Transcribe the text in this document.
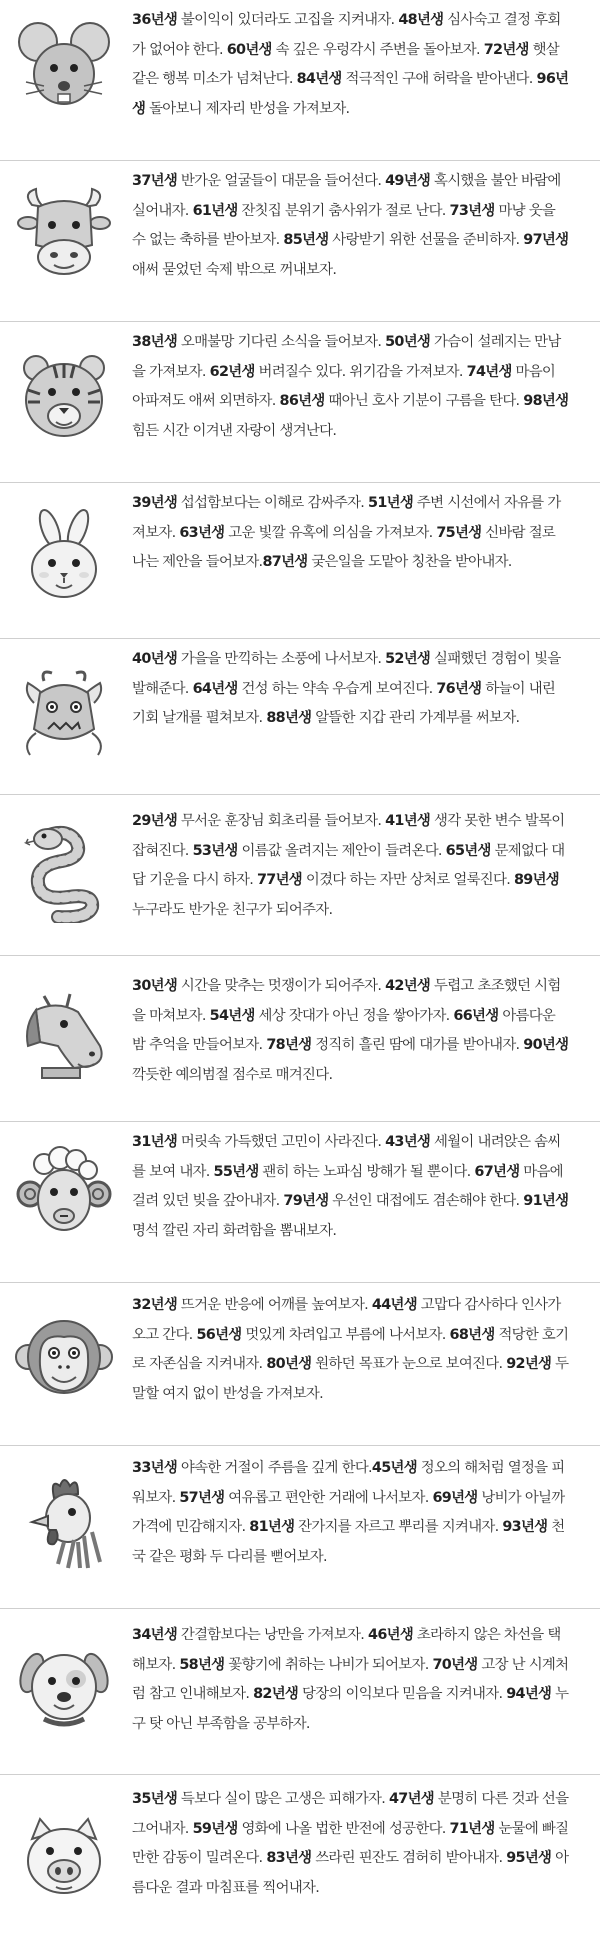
36년생 불이익이 있더라도 고집을 지켜내자. 48년생 심사숙고 결정 후회가 없어야 한다. 60년생 속 깊은 우렁각시 주변을 돌아보자. 72년생 햇살 같은 행복 미소가 넘쳐난다. 84년생 적극적인 구애 허락을 받아낸다. 96년생 돌아보니 제자리 반성을 가져보자.
37년생 반가운 얼굴들이 대문을 들어선다. 49년생 혹시했을 불안 바람에 실어내자. 61년생 잔칫집 분위기 춤사위가 절로 난다. 73년생 마냥 웃을 수 없는 축하를 받아보자. 85년생 사랑받기 위한 선물을 준비하자. 97년생 애써 묻었던 숙제 밖으로 꺼내보자.
38년생 오매불망 기다린 소식을 들어보자. 50년생 가슴이 설레지는 만남을 가져보자. 62년생 버려질수 있다. 위기감을 가져보자. 74년생 마음이 아파져도 애써 외면하자. 86년생 때아닌 호사 기분이 구름을 탄다. 98년생 힘든 시간 이겨낸 자랑이 생겨난다.
39년생 섭섭함보다는 이해로 감싸주자. 51년생 주변 시선에서 자유를 가져보자. 63년생 고운 빛깔 유혹에 의심을 가져보자. 75년생 신바람 절로 나는 제안을 들어보자.87년생 궂은일을 도맡아 칭찬을 받아내자.
40년생 가을을 만끽하는 소풍에 나서보자. 52년생 실패했던 경험이 빛을 발해준다. 64년생 건성 하는 약속 우습게 보여진다. 76년생 하늘이 내린 기회 날개를 펼쳐보자. 88년생 알뜰한 지갑 관리 가계부를 써보자.
29년생 무서운 훈장님 회초리를 들어보자. 41년생 생각 못한 변수 발목이 잡혀진다. 53년생 이름값 올려지는 제안이 들려온다. 65년생 문제없다 대답 기운을 다시 하자. 77년생 이겼다 하는 자만 상처로 얼룩진다. 89년생 누구라도 반가운 친구가 되어주자.
30년생 시간을 맞추는 멋쟁이가 되어주자. 42년생 두렵고 초조했던 시험을 마쳐보자. 54년생 세상 잣대가 아닌 정을 쌓아가자. 66년생 아름다운 밤 추억을 만들어보자. 78년생 정직히 흘린 땀에 대가를 받아내자. 90년생 깍듯한 예의범절 점수로 매겨진다.
31년생 머릿속 가득했던 고민이 사라진다. 43년생 세월이 내려앉은 솜씨를 보여 내자. 55년생 괜히 하는 노파심 방해가 될 뿐이다. 67년생 마음에 걸려 있던 빚을 갚아내자. 79년생 우선인 대접에도 겸손해야 한다. 91년생 명석 깔린 자리 화려함을 뽐내보자.
32년생 뜨거운 반응에 어깨를 높여보자. 44년생 고맙다 감사하다 인사가 오고 간다. 56년생 멋있게 차려입고 부름에 나서보자. 68년생 적당한 호기로 자존심을 지켜내자. 80년생 원하던 목표가 눈으로 보여진다. 92년생 두말할 여지 없이 반성을 가져보자.
33년생 야속한 거절이 주름을 깊게 한다.45년생 정오의 해처럼 열정을 피워보자. 57년생 여유롭고 편안한 거래에 나서보자. 69년생 낭비가 아닐까 가격에 민감해지자. 81년생 잔가지를 자르고 뿌리를 지켜내자. 93년생 천국 같은 평화 두 다리를 뻗어보자.
34년생 간결함보다는 낭만을 가져보자. 46년생 초라하지 않은 차선을 택해보자. 58년생 꽃향기에 취하는 나비가 되어보자. 70년생 고장 난 시계처럼 참고 인내해보자. 82년생 당장의 이익보다 믿음을 지켜내자. 94년생 누구 탓 아닌 부족함을 공부하자.
35년생 득보다 실이 많은 고생은 피해가자. 47년생 분명히 다른 것과 선을 그어내자. 59년생 영화에 나올 법한 반전에 성공한다. 71년생 눈물에 빠질 만한 감동이 밀려온다. 83년생 쓰라린 핀잔도 겸허히 받아내자. 95년생 아름다운 결과 마침표를 찍어내자.
